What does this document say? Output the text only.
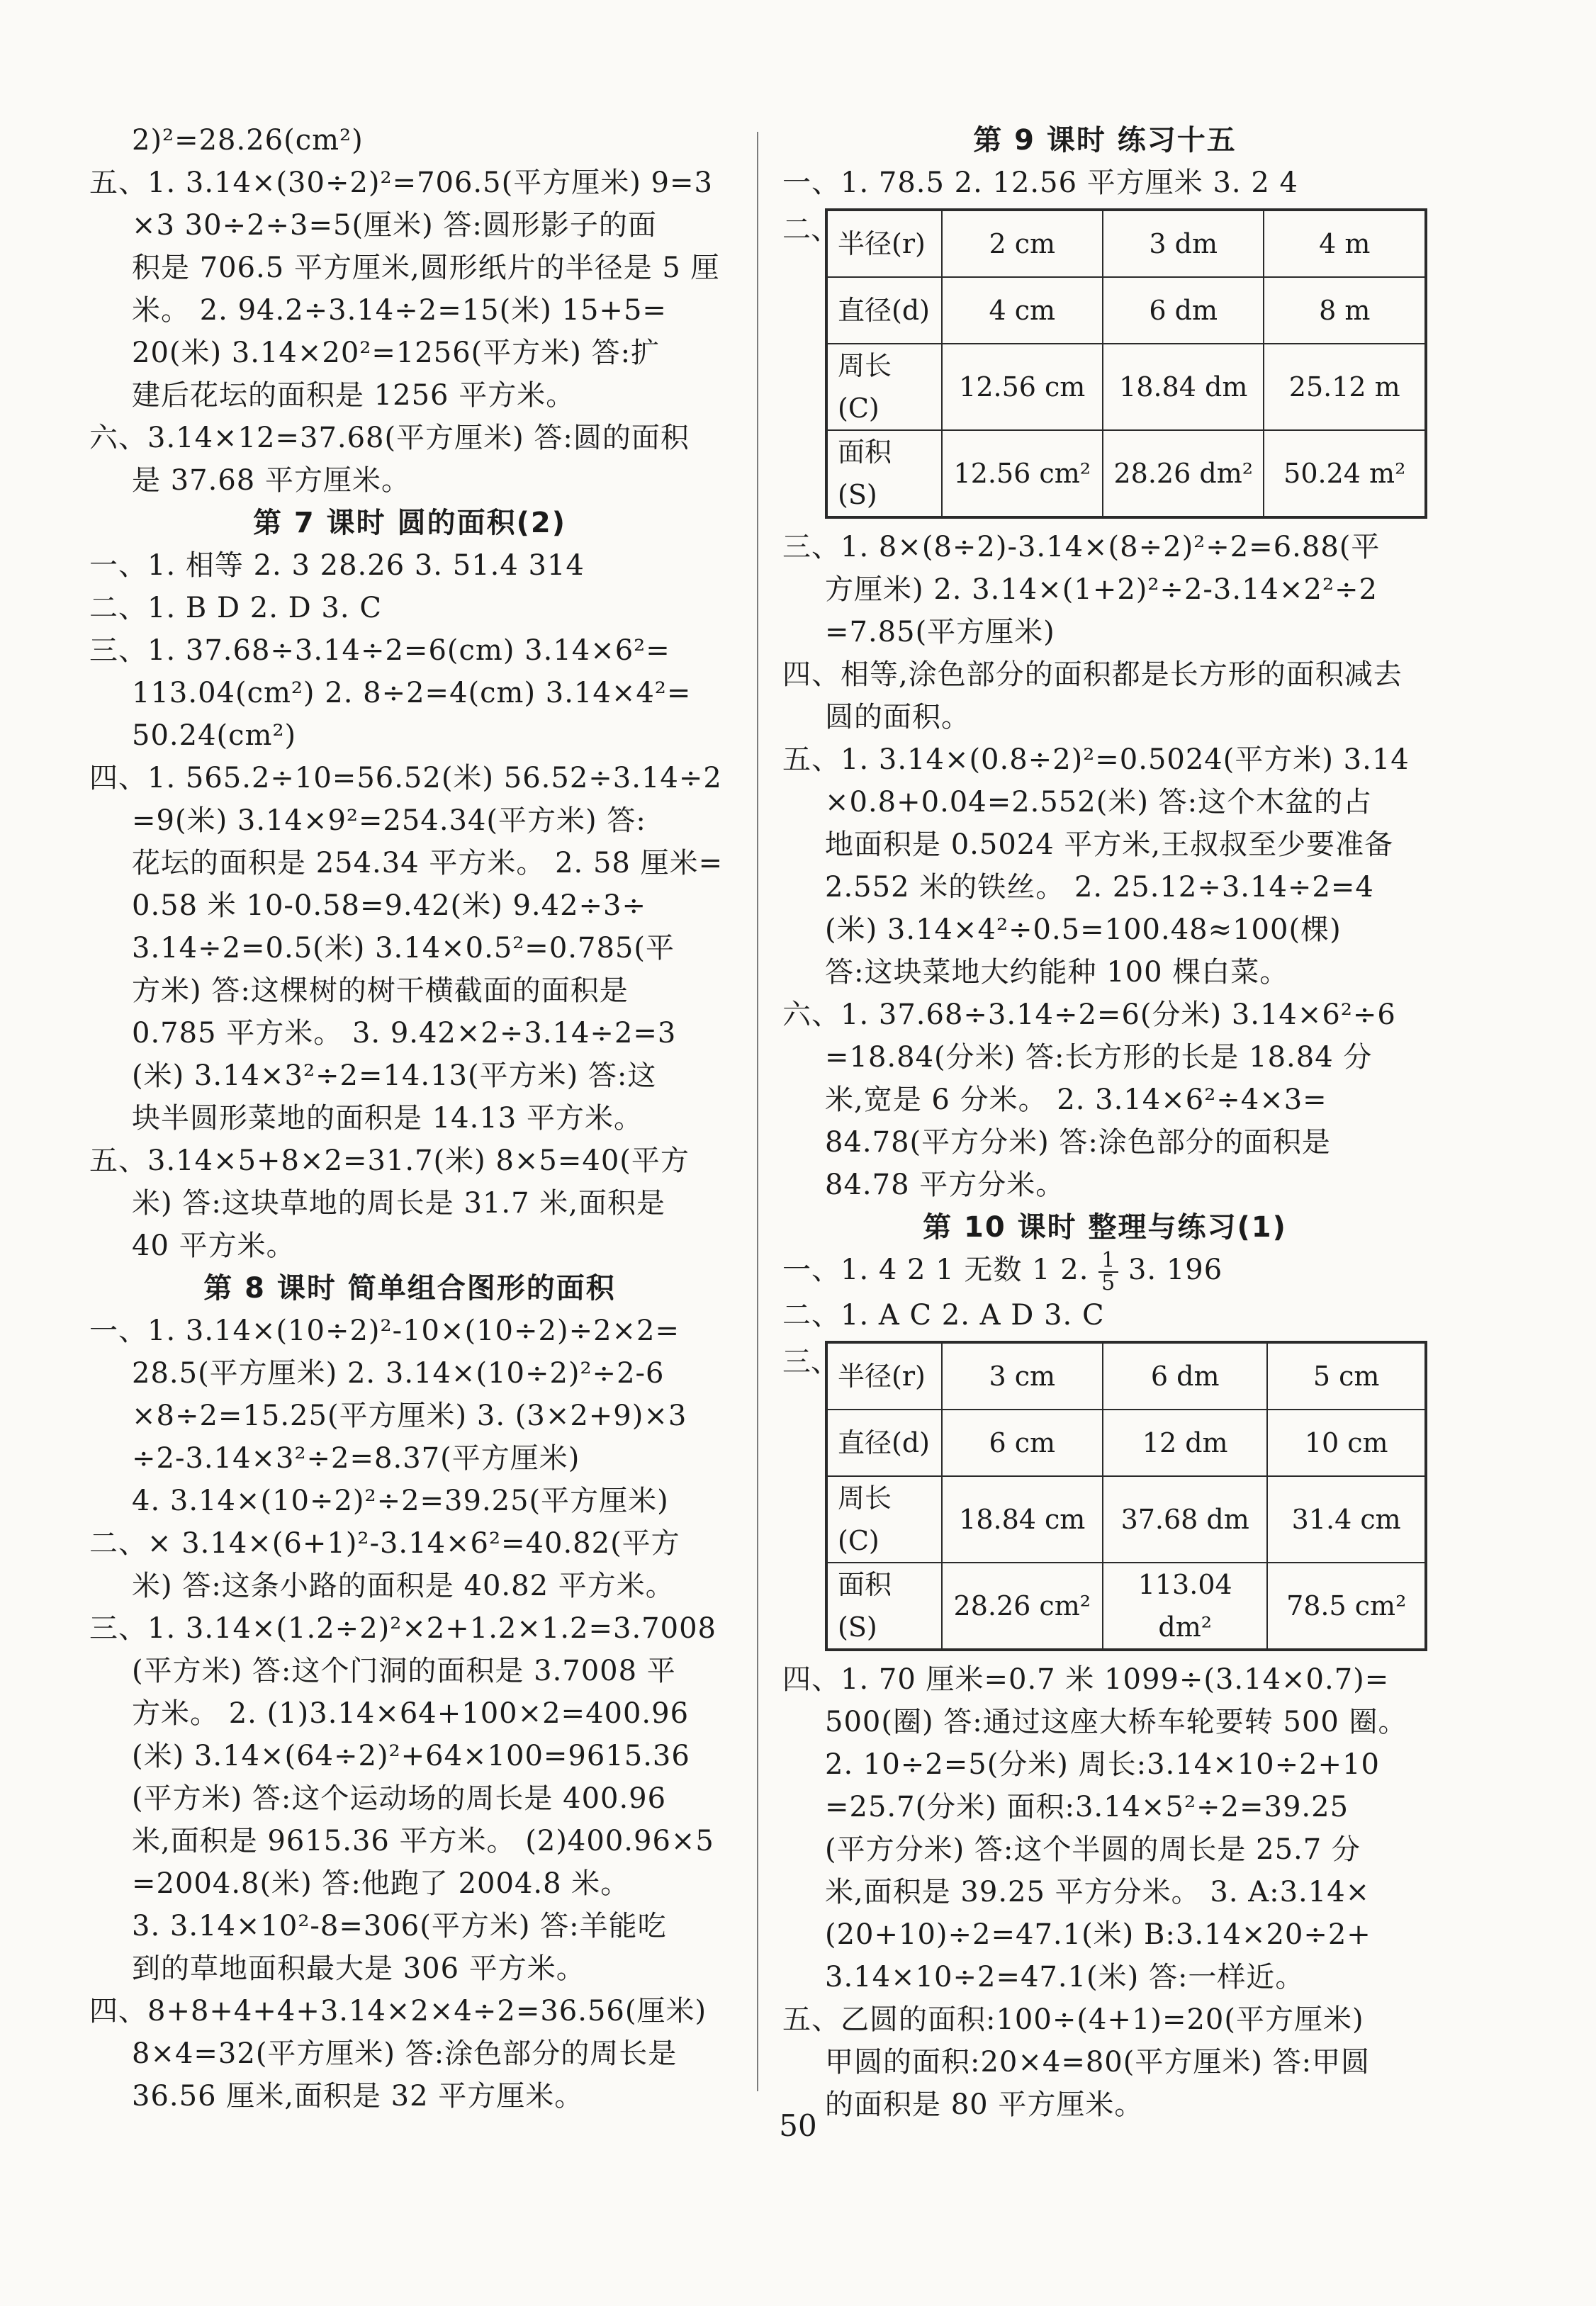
2)²=28.26(cm²)
五、1. 3.14×(30÷2)²=706.5(平方厘米) 9=3
×3 30÷2÷3=5(厘米) 答:圆形影子的面
积是 706.5 平方厘米,圆形纸片的半径是 5 厘
米。 2. 94.2÷3.14÷2=15(米) 15+5=
20(米) 3.14×20²=1256(平方米) 答:扩
建后花坛的面积是 1256 平方米。
六、3.14×12=37.68(平方厘米) 答:圆的面积
是 37.68 平方厘米。
第 7 课时 圆的面积(2)
一、1. 相等 2. 3 28.26 3. 51.4 314
二、1. B D 2. D 3. C
三、1. 37.68÷3.14÷2=6(cm) 3.14×6²=
113.04(cm²) 2. 8÷2=4(cm) 3.14×4²=
50.24(cm²)
四、1. 565.2÷10=56.52(米) 56.52÷3.14÷2
=9(米) 3.14×9²=254.34(平方米) 答:
花坛的面积是 254.34 平方米。 2. 58 厘米=
0.58 米 10-0.58=9.42(米) 9.42÷3÷
3.14÷2=0.5(米) 3.14×0.5²=0.785(平
方米) 答:这棵树的树干横截面的面积是
0.785 平方米。 3. 9.42×2÷3.14÷2=3
(米) 3.14×3²÷2=14.13(平方米) 答:这
块半圆形菜地的面积是 14.13 平方米。
五、3.14×5+8×2=31.7(米) 8×5=40(平方
米) 答:这块草地的周长是 31.7 米,面积是
40 平方米。
第 8 课时 简单组合图形的面积
一、1. 3.14×(10÷2)²-10×(10÷2)÷2×2=
28.5(平方厘米) 2. 3.14×(10÷2)²÷2-6
×8÷2=15.25(平方厘米) 3. (3×2+9)×3
÷2-3.14×3²÷2=8.37(平方厘米)
4. 3.14×(10÷2)²÷2=39.25(平方厘米)
二、× 3.14×(6+1)²-3.14×6²=40.82(平方
米) 答:这条小路的面积是 40.82 平方米。
三、1. 3.14×(1.2÷2)²×2+1.2×1.2=3.7008
(平方米) 答:这个门洞的面积是 3.7008 平
方米。 2. (1)3.14×64+100×2=400.96
(米) 3.14×(64÷2)²+64×100=9615.36
(平方米) 答:这个运动场的周长是 400.96
米,面积是 9615.36 平方米。 (2)400.96×5
=2004.8(米) 答:他跑了 2004.8 米。
3. 3.14×10²-8=306(平方米) 答:羊能吃
到的草地面积最大是 306 平方米。
四、8+8+4+4+3.14×2×4÷2=36.56(厘米)
8×4=32(平方厘米) 答:涂色部分的周长是
36.56 厘米,面积是 32 平方厘米。
第 9 课时 练习十五
一、1. 78.5 2. 12.56 平方厘米 3. 2 4
二、
半径(r)	2 cm	3 dm	4 m
直径(d)	4 cm	6 dm	8 m
周长(C)	12.56 cm	18.84 dm	25.12 m
面积(S)	12.56 cm²	28.26 dm²	50.24 m²
三、1. 8×(8÷2)-3.14×(8÷2)²÷2=6.88(平
方厘米) 2. 3.14×(1+2)²÷2-3.14×2²÷2
=7.85(平方厘米)
四、相等,涂色部分的面积都是长方形的面积减去
圆的面积。
五、1. 3.14×(0.8÷2)²=0.5024(平方米) 3.14
×0.8+0.04=2.552(米) 答:这个木盆的占
地面积是 0.5024 平方米,王叔叔至少要准备
2.552 米的铁丝。 2. 25.12÷3.14÷2=4
(米) 3.14×4²÷0.5=100.48≈100(棵)
答:这块菜地大约能种 100 棵白菜。
六、1. 37.68÷3.14÷2=6(分米) 3.14×6²÷6
=18.84(分米) 答:长方形的长是 18.84 分
米,宽是 6 分米。 2. 3.14×6²÷4×3=
84.78(平方分米) 答:涂色部分的面积是
84.78 平方分米。
第 10 课时 整理与练习(1)
一、1. 4 2 1 无数 1 2. $\frac{1}{5} 3$. 196
二、1. A C 2. A D 3. C
三、
半径(r)	3 cm	6 dm	5 cm
直径(d)	6 cm	12 dm	10 cm
周长(C)	18.84 cm	37.68 dm	31.4 cm
面积(S)	28.26 cm²	113.04 dm²	78.5 cm²
四、1. 70 厘米=0.7 米 1099÷(3.14×0.7)=
500(圈) 答:通过这座大桥车轮要转 500 圈。
2. 10÷2=5(分米) 周长:3.14×10÷2+10
=25.7(分米) 面积:3.14×5²÷2=39.25
(平方分米) 答:这个半圆的周长是 25.7 分
米,面积是 39.25 平方分米。 3. A:3.14×
(20+10)÷2=47.1(米) B:3.14×20÷2+
3.14×10÷2=47.1(米) 答:一样近。
五、乙圆的面积:100÷(4+1)=20(平方厘米)
甲圆的面积:20×4=80(平方厘米) 答:甲圆
的面积是 80 平方厘米。
50
